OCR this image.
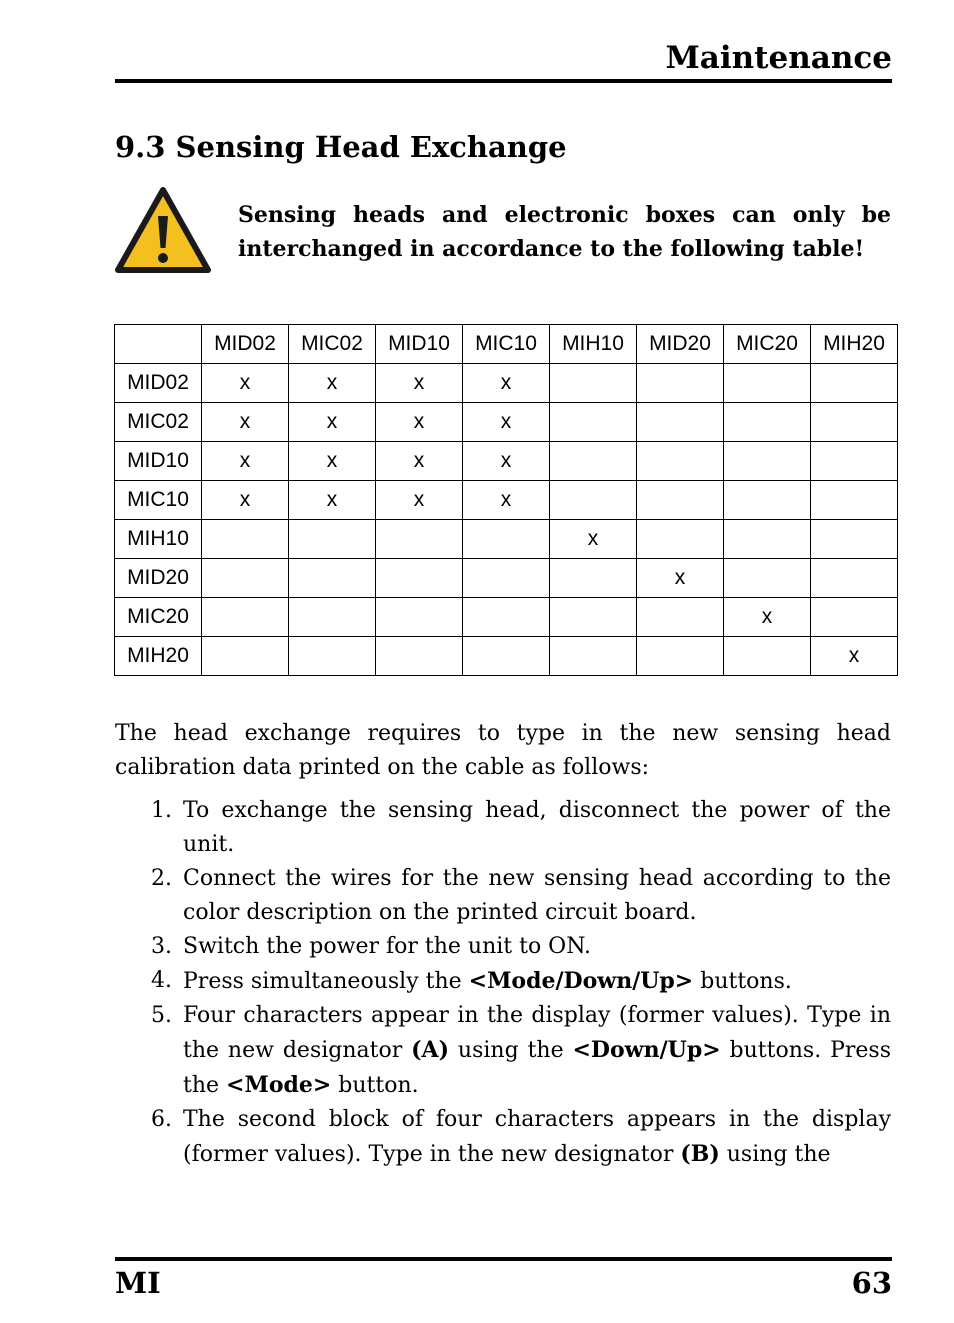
Maintenance
9.3 Sensing Head Exchange
Sensing heads and electronic boxes can only be interchanged in accordance to the following table!
	MID02	MIC02	MID10	MIC10	MIH10	MID20	MIC20	MIH20
MID02	x	x	x	x				
MIC02	x	x	x	x				
MID10	x	x	x	x				
MIC10	x	x	x	x				
MIH10					x			
MID20						x		
MIC20							x	
MIH20								x
The head exchange requires to type in the new sensing head calibration data printed on the cable as follows:
1. To exchange the sensing head, disconnect the power of the unit.
2. Connect the wires for the new sensing head according to the color description on the printed circuit board.
3. Switch the power for the unit to ON.
4. Press simultaneously the <Mode/Down/Up> buttons.
5. Four characters appear in the display (former values). Type in the new designator (A) using the <Down/Up> buttons. Press the <Mode> button.
6. The second block of four characters appears in the display (former values). Type in the new designator (B) using the
MI	63
